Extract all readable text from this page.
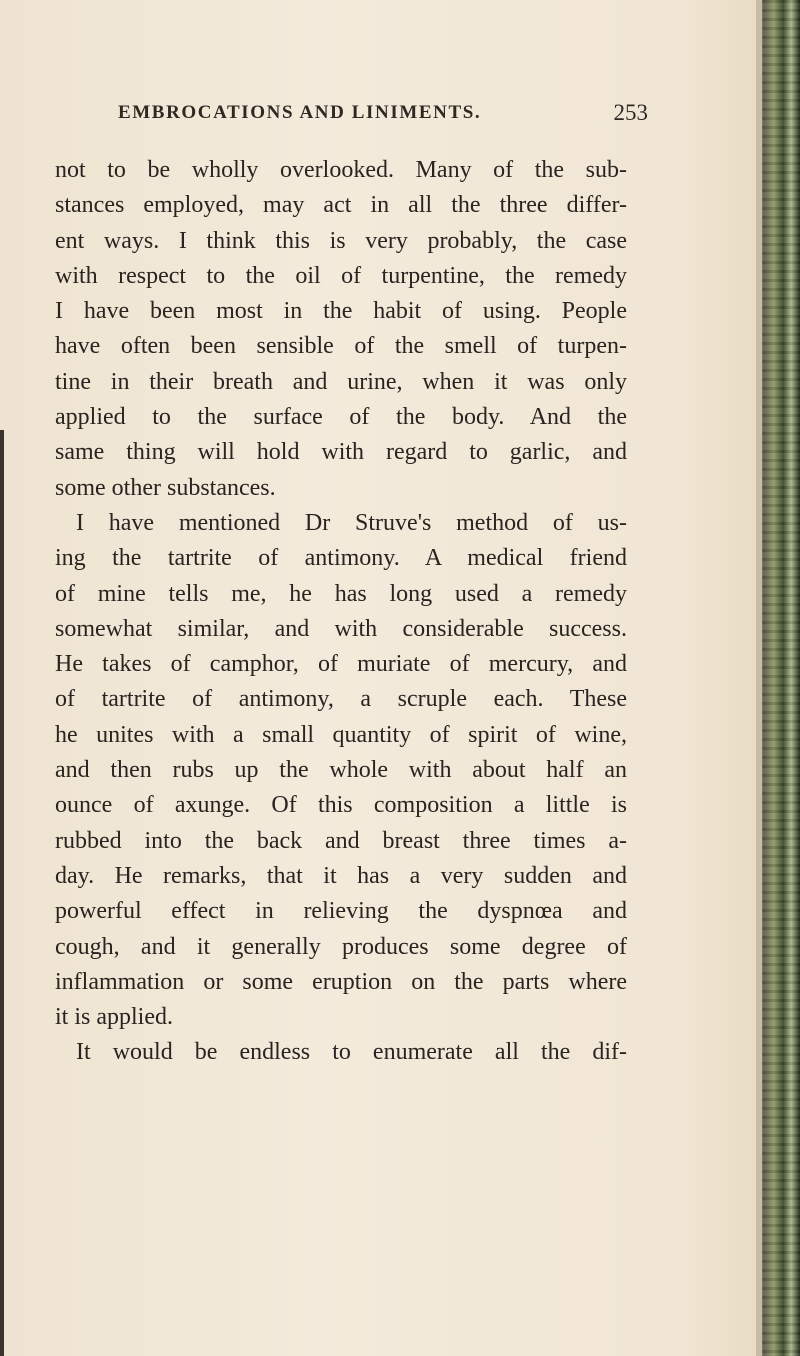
EMBROCATIONS AND LINIMENTS.	253
not to be wholly overlooked. Many of the sub-
stances employed, may act in all the three differ-
ent ways. I think this is very probably, the case
with respect to the oil of turpentine, the remedy
I have been most in the habit of using. People
have often been sensible of the smell of turpen-
tine in their breath and urine, when it was only
applied to the surface of the body. And the
same thing will hold with regard to garlic, and
some other substances.
I have mentioned Dr Struve's method of us-
ing the tartrite of antimony. A medical friend
of mine tells me, he has long used a remedy
somewhat similar, and with considerable success.
He takes of camphor, of muriate of mercury, and
of tartrite of antimony, a scruple each. These
he unites with a small quantity of spirit of wine,
and then rubs up the whole with about half an
ounce of axunge. Of this composition a little is
rubbed into the back and breast three times a-
day. He remarks, that it has a very sudden and
powerful effect in relieving the dyspnœa and
cough, and it generally produces some degree of
inflammation or some eruption on the parts where
it is applied.
It would be endless to enumerate all the dif-
